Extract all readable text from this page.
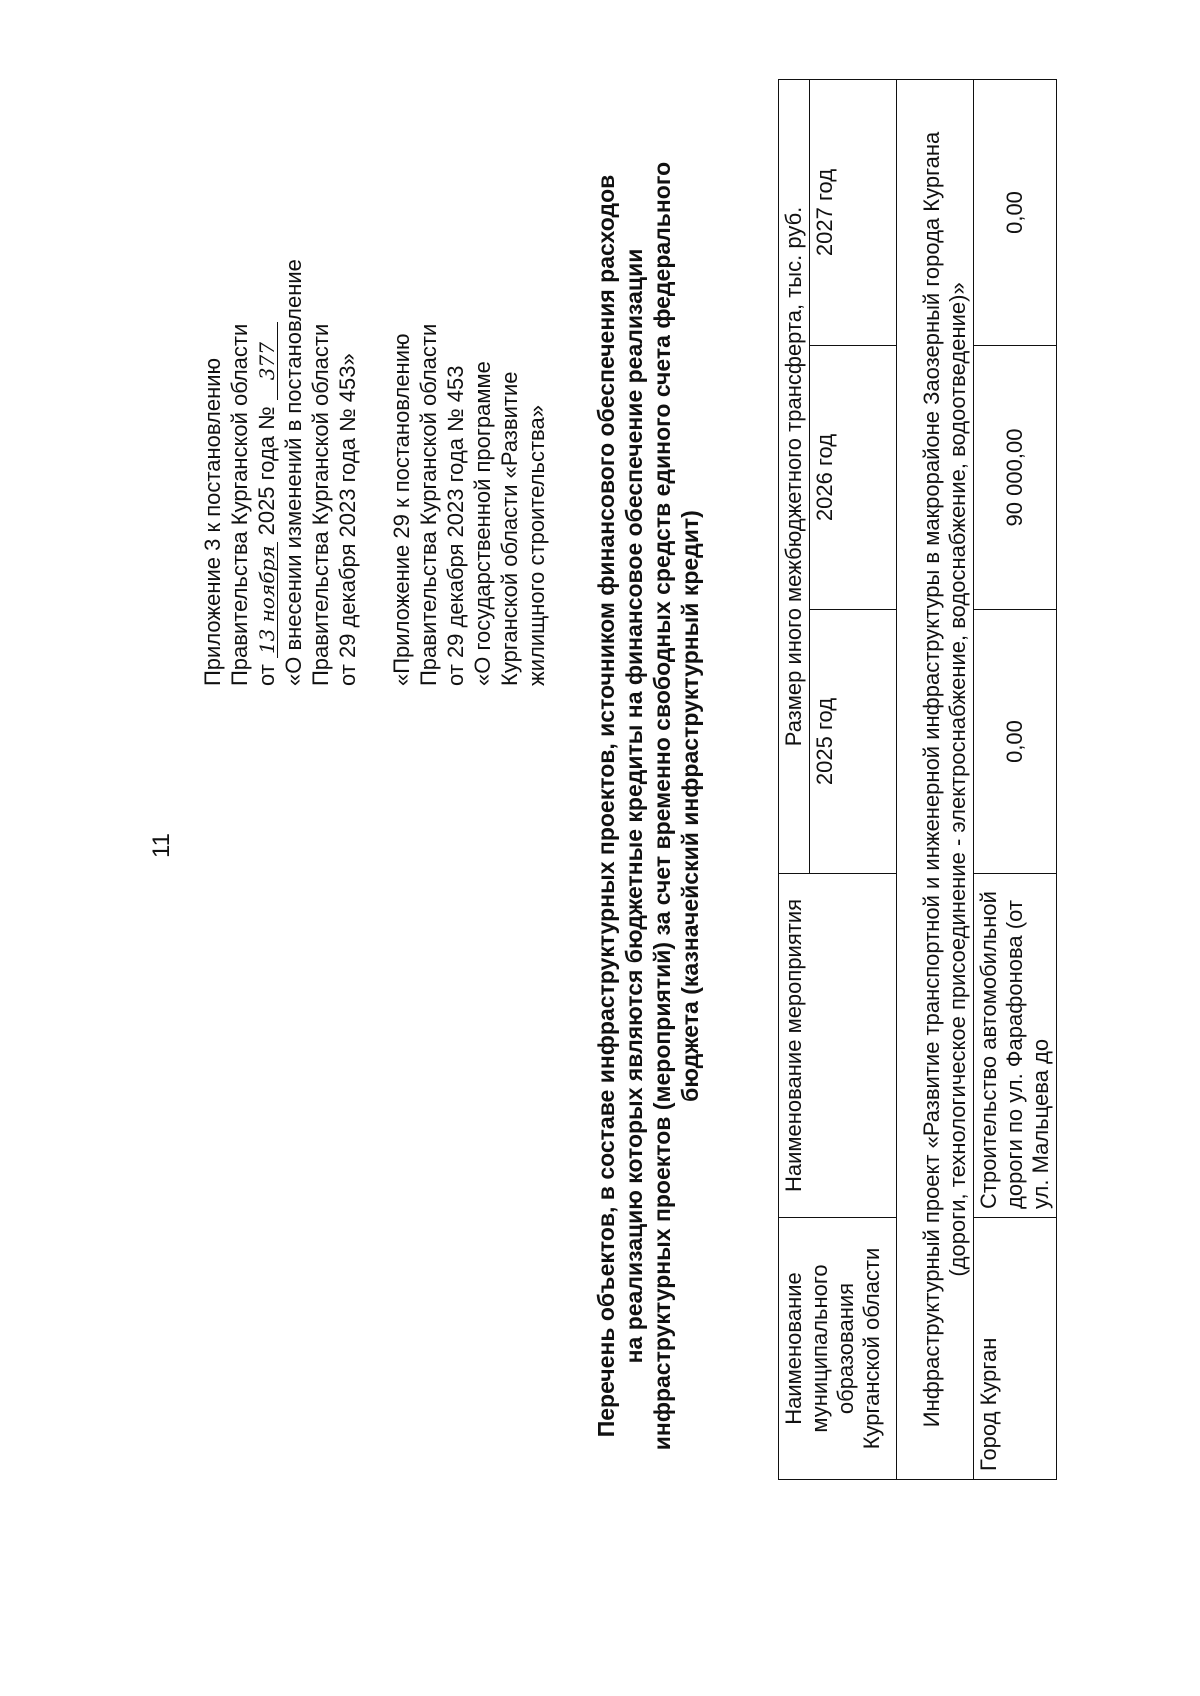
11
Приложение 3 к постановлению Правительства Курганской области от 13 ноября 2025 года № 377 «О внесении изменений в постановление Правительства Курганской области от 29 декабря 2023 года № 453» «Приложение 29 к постановлению Правительства Курганской области от 29 декабря 2023 года № 453 «О государственной программе Курганской области «Развитие жилищного строительства» Перечень объектов, в составе инфраструктурных проектов, источником финансового обеспечения расходов на реализацию которых являются бюджетные кредиты на финансовое обеспечение реализации инфраструктурных проектов (мероприятий) за счет временно свободных средств единого счета федерального бюджета (казначейский инфраструктурный кредит)
Наименование муниципального образования Курганской области	Наименование мероприятия	Размер иного межбюджетного трансферта, тыс. руб.		
		2025 год	2026 год	2027 год

Инфраструктурный проект «Развитие транспортной и инженерной инфраструктуры в макрорайоне Заозерный города Кургана (дороги, технологическое присоединение - электроснабжение, водоснабжение, водоотведение)»				
Город Курган	Строительство автомобильной дороги по ул. Фарафонова (от ул. Мальцева до	0,00	90 000,00	0,00
